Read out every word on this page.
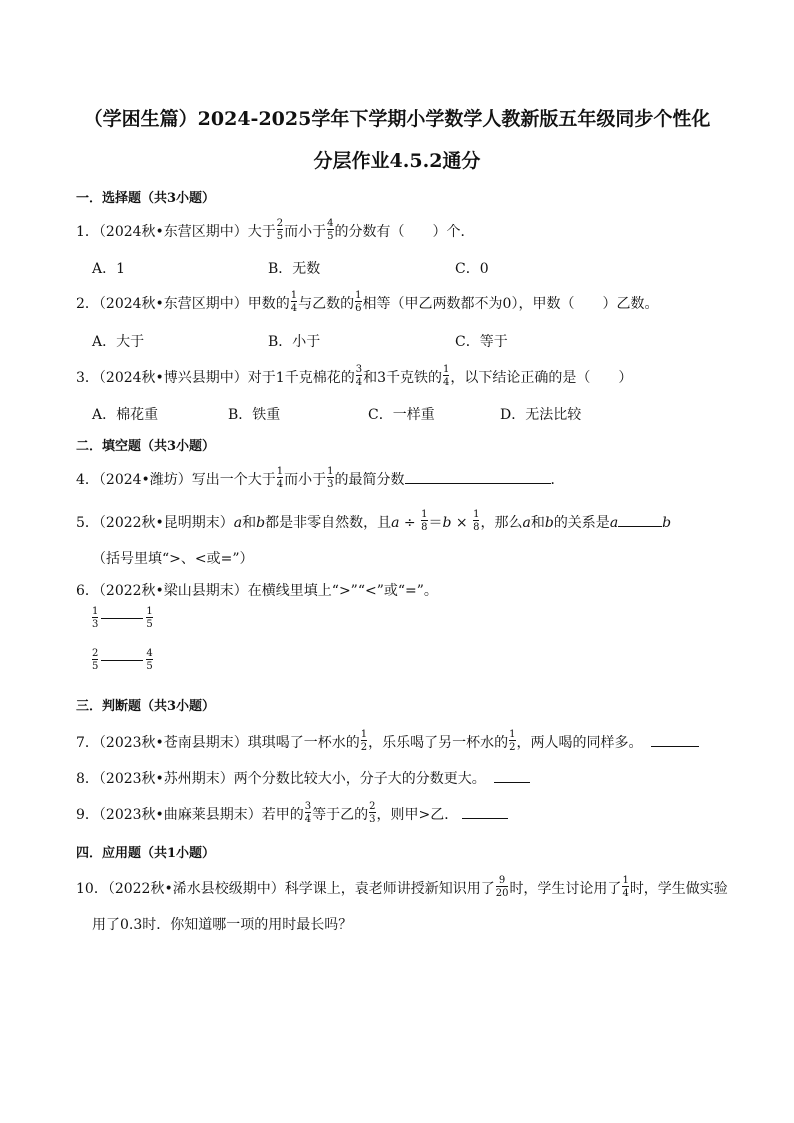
（学困生篇）2024-2025学年下学期小学数学人教新版五年级同步个性化
分层作业4.5.2通分
一．选择题（共3小题）
1．（2024秋•东营区期中）大于 $\frac{2}{5}$ 而小于 $\frac{4}{5}$ 的分数有（　　）个．
A．1	B．无数	C．0
2．（2024秋•东营区期中）甲数的 $\frac{1}{4}$ 与乙数的 $\frac{1}{6}$ 相等（甲乙两数都不为0），甲数（　　）乙数。
A．大于	B．小于	C．等于
3．（2024秋•博兴县期中）对于1千克棉花的 $\frac{3}{4}$ 和3千克铁的 $\frac{1}{4}$ ，以下结论正确的是（　　）
A．棉花重	B．铁重	C．一样重	D．无法比较
二．填空题（共3小题）
4．（2024•潍坊）写出一个大于 $\frac{1}{4}$ 而小于 $\frac{1}{3}$ 的最简分数	．
5．（2022秋•昆明期末）a和b都是非零自然数，且$a \div \frac{1}{8} =b \times \frac{1}{8}$ ，那么a和b的关系是a	b
（括号里填“>、<或=”）
6．（2022秋•梁山县期末）在横线里填上“>”“<”或“=”。
$\frac{1}{3}$	$\frac{1}{5}$
$\frac{2}{5}$	$\frac{4}{5}$
三．判断题（共3小题）
7．（2023秋•苍南县期末）琪琪喝了一杯水的 $\frac{1}{2}$ ，乐乐喝了另一杯水的 $\frac{1}{2}$ ，两人喝的同样多。
8．（2023秋•苏州期末）两个分数比较大小，分子大的分数更大。
9．（2023秋•曲麻莱县期末）若甲的 $\frac{3}{4}$ 等于乙的 $\frac{2}{3}$ ，则甲>乙．
四．应用题（共1小题）
10．（2022秋•浠水县校级期中）科学课上，袁老师讲授新知识用了 $\frac{9}{20}$ 时，学生讨论用了 $\frac{1}{4}$ 时，学生做实验
用了0.3时．你知道哪一项的用时最长吗？
